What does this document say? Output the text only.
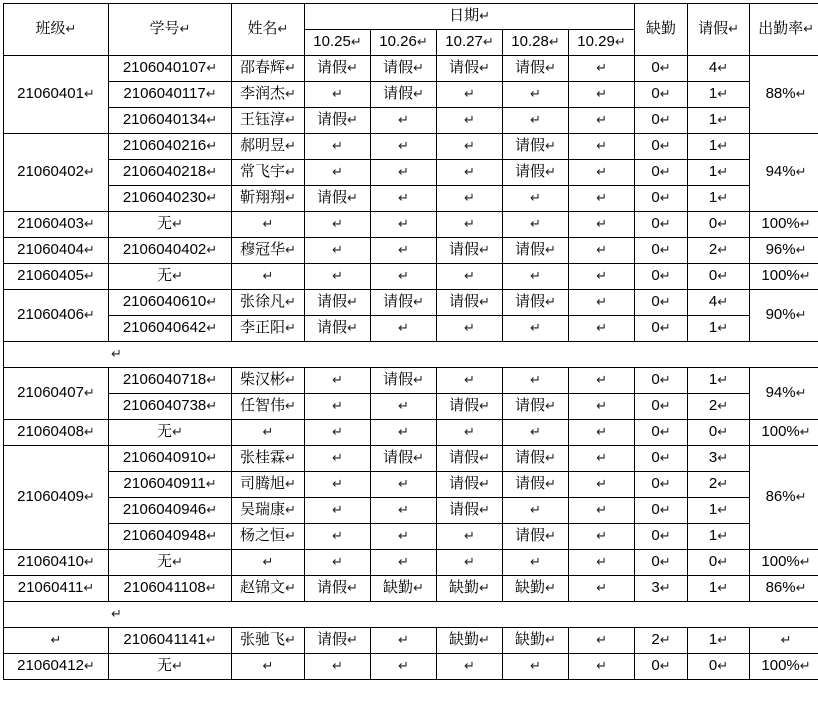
班级↵	学号↵	姓名↵	日期↵					缺勤	请假↵	出勤率↵
			10.25↵	10.26↵	10.27↵	10.28↵	10.29↵			
21060401↵	2106040107↵	邵春辉↵	请假↵	请假↵	请假↵	请假↵	↵	0↵	4↵	88%↵
	2106040117↵	李润杰↵	↵	请假↵	↵	↵	↵	0↵	1↵	
	2106040134↵	王钰淳↵	请假↵	↵	↵	↵	↵	0↵	1↵	
21060402↵	2106040216↵	郝明昱↵	↵	↵	↵	请假↵	↵	0↵	1↵	94%↵
	2106040218↵	常飞宇↵	↵	↵	↵	请假↵	↵	0↵	1↵	
	2106040230↵	靳翔翔↵	请假↵	↵	↵	↵	↵	0↵	1↵	
21060403↵	无↵	↵	↵	↵	↵	↵	↵	0↵	0↵	100%↵
21060404↵	2106040402↵	穆冠华↵	↵	↵	请假↵	请假↵	↵	0↵	2↵	96%↵
21060405↵	无↵	↵	↵	↵	↵	↵	↵	0↵	0↵	100%↵
21060406↵	2106040610↵	张徐凡↵	请假↵	请假↵	请假↵	请假↵	↵	0↵	4↵	90%↵
	2106040642↵	李正阳↵	请假↵	↵	↵	↵	↵	0↵	1↵	
↵										
21060407↵	2106040718↵	柴汉彬↵	↵	请假↵	↵	↵	↵	0↵	1↵	94%↵
	2106040738↵	任智伟↵	↵	↵	请假↵	请假↵	↵	0↵	2↵	
21060408↵	无↵	↵	↵	↵	↵	↵	↵	0↵	0↵	100%↵
21060409↵	2106040910↵	张桂霖↵	↵	请假↵	请假↵	请假↵	↵	0↵	3↵	86%↵
	2106040911↵	司腾旭↵	↵	↵	请假↵	请假↵	↵	0↵	2↵	
	2106040946↵	吴瑞康↵	↵	↵	请假↵	↵	↵	0↵	1↵	
	2106040948↵	杨之恒↵	↵	↵	↵	请假↵	↵	0↵	1↵	
21060410↵	无↵	↵	↵	↵	↵	↵	↵	0↵	0↵	100%↵
21060411↵	2106041108↵	赵锦文↵	请假↵	缺勤↵	缺勤↵	缺勤↵	↵	3↵	1↵	86%↵
↵										
↵	2106041141↵	张驰飞↵	请假↵	↵	缺勤↵	缺勤↵	↵	2↵	1↵	↵
21060412↵	无↵	↵	↵	↵	↵	↵	↵	0↵	0↵	100%↵
